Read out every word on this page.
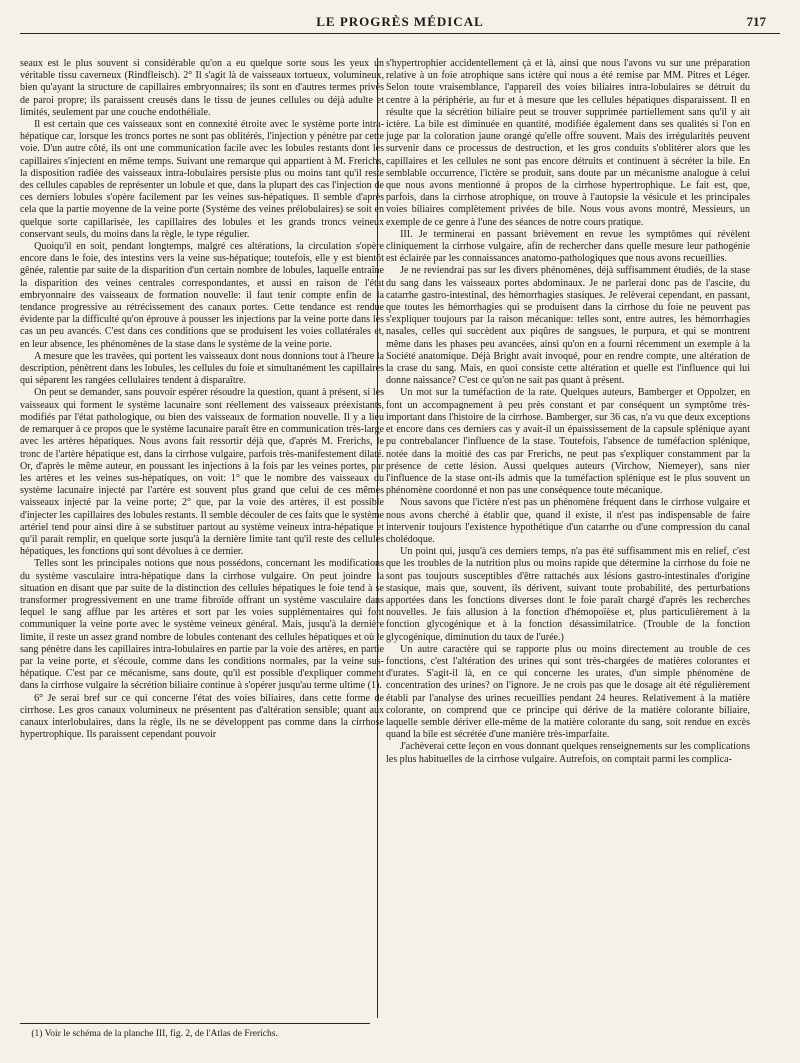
LE PROGRÈS MÉDICAL	717

seaux est le plus souvent si considérable qu'on a eu quelque sorte sous les yeux un véritable tissu caverneux (Rindfleisch). 2° Il s'agit là de vaisseaux tortueux, volumineux, bien qu'ayant la structure de capillaires embryonnaires; ils sont en d'autres termes privés de paroi propre; ils paraissent creusés dans le tissu de jeunes cellules ou déjà adulte et limités, seulement par une couche endothéliale.

Il est certain que ces vaisseaux sont en connexité étroite avec le système porte intra-hépatique car, lorsque les troncs portes ne sont pas oblitérés, l'injection y pénètre par cette voie. D'un autre côté, ils ont une communication facile avec les lobules restants dont les capillaires s'injectent en même temps. Suivant une remarque qui appartient à M. Frerichs, la disposition radiée des vaisseaux intra-lobulaires persiste plus ou moins tant qu'il reste des cellules capables de représenter un lobule et que, dans la plupart des cas l'injection de ces derniers lobules s'opère facilement par les veines sus-hépatiques. Il semble d'après cela que la partie moyenne de la veine porte (Système des veines prélobulaires) se soit en quelque sorte capillarisée, les capillaires des lobules et les grands troncs veineux conservant seuls, du moins dans la règle, le type régulier.

Quoiqu'il en soit, pendant longtemps, malgré ces altérations, la circulation s'opère encore dans le foie, des intestins vers la veine sus-hépatique; toutefois, elle y est bientôt gênée, ralentie par suite de la disparition d'un certain nombre de lobules, laquelle entraîne la disparition des veines centrales correspondantes, et aussi en raison de l'état embryonnaire des vaisseaux de formation nouvelle: il faut tenir compte enfin de la tendance progressive au rétrécissement des canaux portes. Cette tendance est rendue évidente par la difficulté qu'on éprouve à pousser les injections par la veine porte dans les cas un peu avancés. C'est dans ces conditions que se produisent les voies collatérales et, en leur absence, les phénomènes de la stase dans le système de la veine porte.

A mesure que les travées, qui portent les vaisseaux dont nous donnions tout à l'heure la description, pénètrent dans les lobules, les cellules du foie et simultanément les capillaires qui séparent les rangées cellulaires tendent à disparaître.

On peut se demander, sans pouvoir espérer résoudre la question, quant à présent, si les vaisseaux qui forment le système lacunaire sont réellement des vaisseaux préexistants, modifiés par l'état pathologique, ou bien des vaisseaux de formation nouvelle. Il y a lieu de remarquer à ce propos que le système lacunaire paraît être en communication très-large avec les artères hépatiques. Nous avons fait ressortir déjà que, d'après M. Frerichs, le tronc de l'artère hépatique est, dans la cirrhose vulgaire, parfois très-manifestement dilaté. Or, d'après le même auteur, en poussant les injections à la fois par les veines portes, par les artères et les veines sus-hépatiques, on voit: 1° que le nombre des vaisseaux du système lacunaire injecté par l'artère est souvent plus grand que celui de ces mêmes vaisseaux injecté par la veine porte; 2° que, par la voie des artères, il est possible d'injecter les capillaires des lobules restants. Il semble découler de ces faits que le système artériel tend pour ainsi dire à se substituer partout au système veineux intra-hépatique et qu'il parait remplir, en quelque sorte jusqu'à la dernière limite tant qu'il reste des cellules hépatiques, les fonctions qui sont dévolues à ce dernier.

Telles sont les principales notions que nous possédons, concernant les modifications du système vasculaire intra-hépatique dans la cirrhose vulgaire. On peut joindre la situation en disant que par suite de la distinction des cellules hépatiques le foie tend à se transformer progressivement en une trame fibroïde offrant un système vasculaire dans lequel le sang afflue par les artères et sort par les voies supplémentaires qui font communiquer la veine porte avec le système veineux général. Mais, jusqu'à la dernière limite, il reste un assez grand nombre de lobules contenant des cellules hépatiques et où le sang pénètre dans les capillaires intra-lobulaires en partie par la voie des artères, en partie par la veine porte, et s'écoule, comme dans les conditions normales, par la veine sus-hépatique. C'est par ce mécanisme, sans doute, qu'il est possible d'expliquer comment dans la cirrhose vulgaire la sécrétion biliaire continue à s'opérer jusqu'au terme ultime (1).

6° Je serai bref sur ce qui concerne l'état des voies biliaires, dans cette forme de cirrhose. Les gros canaux volumineux ne présentent pas d'altération sensible; quant aux canaux interlobulaires, dans la règle, ils ne se développent pas comme dans la cirrhose hypertrophique. Ils paraissent cependant pouvoir

s'hypertrophier accidentellement çà et là, ainsi que nous l'avons vu sur une préparation relative à un foie atrophique sans ictère qui nous a été remise par MM. Pitres et Léger. Selon toute vraisemblance, l'appareil des voies biliaires intra-lobulaires se détruit du centre à la périphérie, au fur et à mesure que les cellules hépatiques disparaissent. Il en résulte que la sécrétion biliaire peut se trouver supprimée partiellement sans qu'il y ait ictère. La bile est diminuée en quantité, modifiée également dans ses qualités si l'on en juge par la coloration jaune orangé qu'elle offre souvent. Mais des irrégularités peuvent survenir dans ce processus de destruction, et les gros conduits s'oblitérer alors que les capillaires et les cellules ne sont pas encore détruits et continuent à sécréter la bile. En semblable occurrence, l'ictère se produit, sans doute par un mécanisme analogue à celui que nous avons mentionné à propos de la cirrhose hypertrophique. Le fait est, que, parfois, dans la cirrhose atrophique, on trouve à l'autopsie la vésicule et les principales voies biliaires complètement privées de bile. Nous vous avons montré, Messieurs, un exemple de ce genre à l'une des séances de notre cours pratique.

III. Je terminerai en passant brièvement en revue les symptômes qui révèlent cliniquement la cirrhose vulgaire, afin de rechercher dans quelle mesure leur pathogénie est éclairée par les connaissances anatomo-pathologiques que nous avons recueillies.

Je ne reviendrai pas sur les divers phénomènes, déjà suffisamment étudiés, de la stase du sang dans les vaisseaux portes abdominaux. Je ne parlerai donc pas de l'ascite, du catarrhe gastro-intestinal, des hémorrhagies stasiques. Je relèverai cependant, en passant, que toutes les hémorrhagies qui se produisent dans la cirrhose du foie ne peuvent pas s'expliquer toujours par la raison mécanique: telles sont, entre autres, les hémorrhagies nasales, celles qui succèdent aux piqûres de sangsues, le purpura, et qui se montrent même dans les phases peu avancées, ainsi qu'on en a fourni récemment un exemple à la Société anatomique. Déjà Bright avait invoqué, pour en rendre compte, une altération de la crase du sang. Mais, en quoi consiste cette altération et quelle est l'influence qui lui donne naissance? C'est ce qu'on ne sait pas quant à présent.

Un mot sur la tuméfaction de la rate. Quelques auteurs, Bamberger et Oppolzer, en font un accompagnement à peu près constant et par conséquent un symptôme très-important dans l'histoire de la cirrhose. Bamberger, sur 36 cas, n'a vu que deux exceptions et encore dans ces derniers cas y avait-il un épaississement de la capsule splénique ayant pu contrebalancer l'influence de la stase. Toutefois, l'absence de tuméfaction splénique, notée dans la moitié des cas par Frerichs, ne peut pas s'expliquer constamment par la présence de cette lésion. Aussi quelques auteurs (Virchow, Niemeyer), sans nier l'influence de la stase ont-ils admis que la tuméfaction splénique est le plus souvent un phénomène coordonné et non pas une conséquence toute mécanique.

Nous savons que l'ictère n'est pas un phénomène fréquent dans le cirrhose vulgaire et nous avons cherché à établir que, quand il existe, il n'est pas indispensable de faire intervenir toujours l'existence hypothétique d'un catarrhe ou d'une compression du canal cholédoque.

Un point qui, jusqu'à ces derniers temps, n'a pas été suffisamment mis en relief, c'est que les troubles de la nutrition plus ou moins rapide que détermine la cirrhose du foie ne sont pas toujours susceptibles d'être rattachés aux lésions gastro-intestinales d'origine stasique, mais que, souvent, ils dérivent, suivant toute probabilité, des perturbations apportées dans les fonctions diverses dont le foie paraît chargé d'après les recherches nouvelles. Je fais allusion à la fonction d'hémopoïèse et, plus particulièrement à la fonction glycogénique et à la fonction désassimilatrice. (Trouble de la fonction glycogénique, diminution du taux de l'urée.)

Un autre caractère qui se rapporte plus ou moins directement au trouble de ces fonctions, c'est l'altération des urines qui sont très-chargées de matières colorantes et d'urates. S'agit-il là, en ce qui concerne les urates, d'un simple phénomène de concentration des urines? on l'ignore. Je ne crois pas que le dosage ait été régulièrement établi par l'analyse des urines recueillies pendant 24 heures. Relativement à la matière colorante, on comprend que ce principe qui dérive de la matière colorante biliaire, laquelle semble dériver elle-même de la matière colorante du sang, soit rendue en excès quand la bile est sécrétée d'une manière très-imparfaite.

J'achèverai cette leçon en vous donnant quelques renseignements sur les complications les plus habituelles de la cirrhose vulgaire. Autrefois, on comptait parmi les complica-

(1) Voir le schéma de la planche III, fig. 2, de l'Atlas de Frerichs.
